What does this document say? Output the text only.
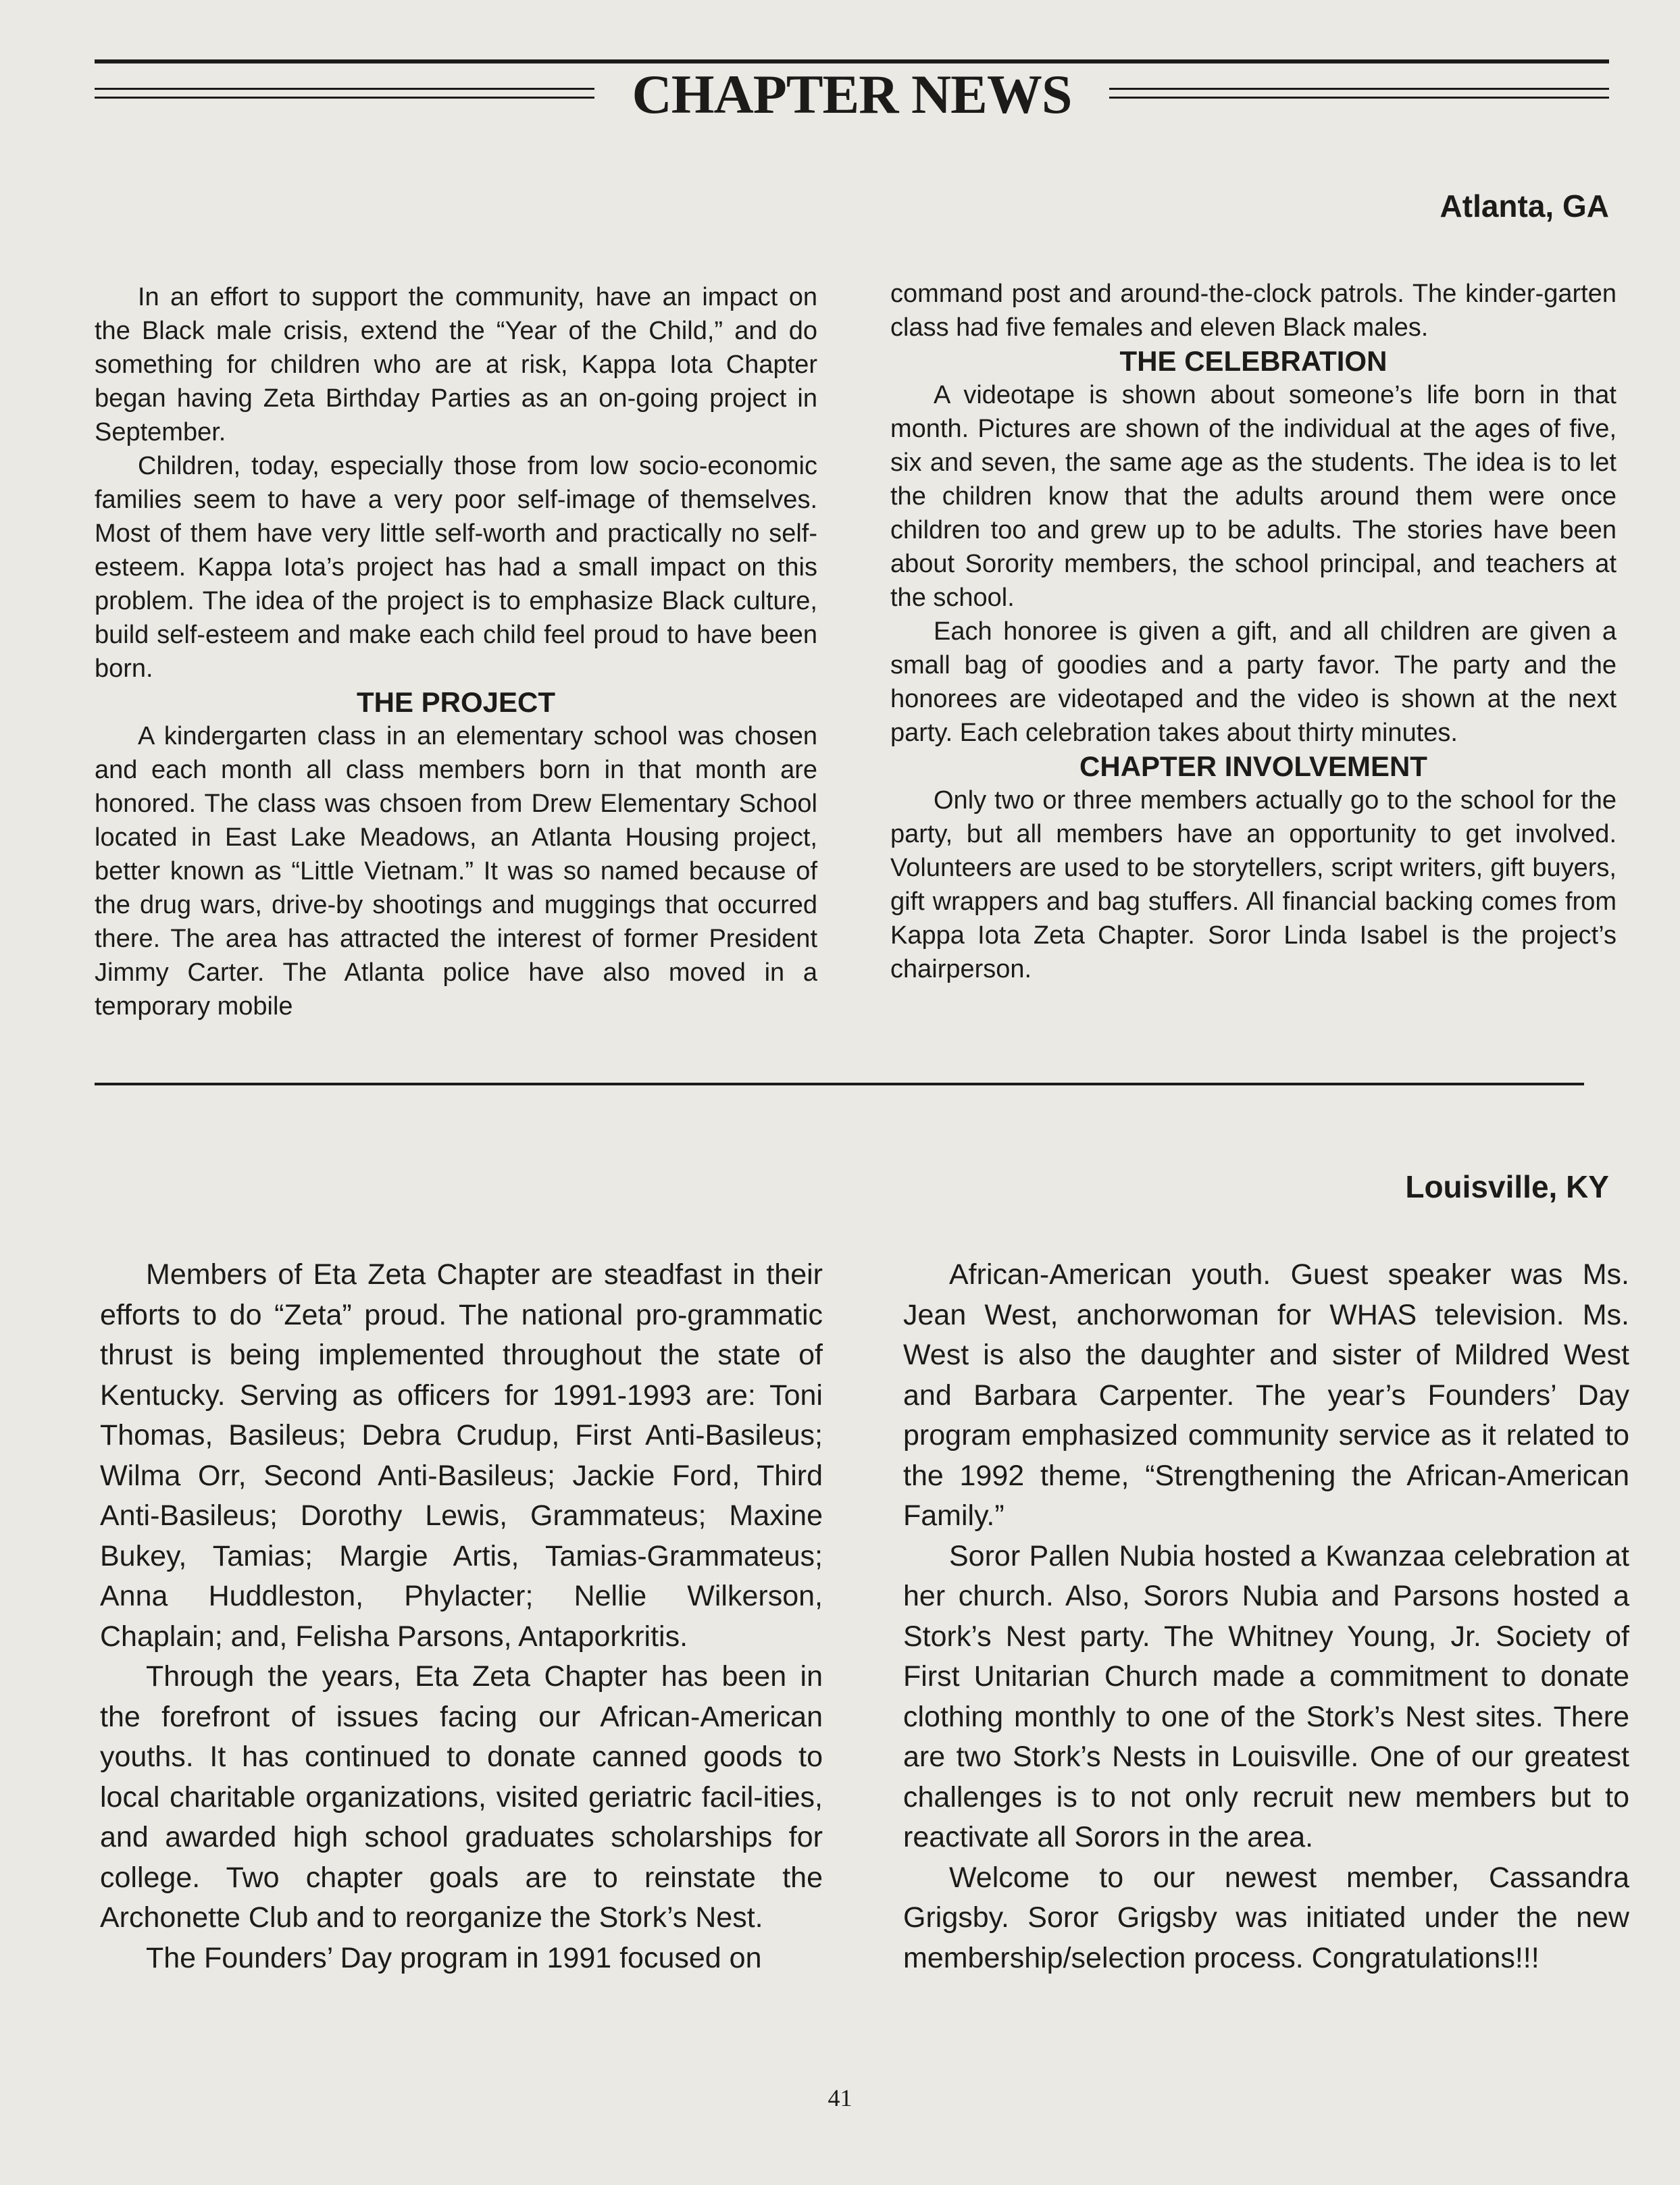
CHAPTER NEWS
Atlanta, GA

In an effort to support the community, have an impact on the Black male crisis, extend the “Year of the Child,” and do something for children who are at risk, Kappa Iota Chapter began having Zeta Birthday Parties as an on-going project in September.

Children, today, especially those from low socio-economic families seem to have a very poor self-image of themselves. Most of them have very little self-worth and practically no self-esteem. Kappa Iota’s project has had a small impact on this problem. The idea of the project is to emphasize Black culture, build self-esteem and make each child feel proud to have been born.

THE PROJECT

A kindergarten class in an elementary school was chosen and each month all class members born in that month are honored. The class was chsoen from Drew Elementary School located in East Lake Meadows, an Atlanta Housing project, better known as “Little Vietnam.” It was so named because of the drug wars, drive-by shootings and muggings that occurred there. The area has attracted the interest of former President Jimmy Carter. The Atlanta police have also moved in a temporary mobile

command post and around-the-clock patrols. The kinder-garten class had five females and eleven Black males.

THE CELEBRATION

A videotape is shown about someone’s life born in that month. Pictures are shown of the individual at the ages of five, six and seven, the same age as the students. The idea is to let the children know that the adults around them were once children too and grew up to be adults. The stories have been about Sorority members, the school principal, and teachers at the school.

Each honoree is given a gift, and all children are given a small bag of goodies and a party favor. The party and the honorees are videotaped and the video is shown at the next party. Each celebration takes about thirty minutes.

CHAPTER INVOLVEMENT

Only two or three members actually go to the school for the party, but all members have an opportunity to get involved. Volunteers are used to be storytellers, script writers, gift buyers, gift wrappers and bag stuffers. All financial backing comes from Kappa Iota Zeta Chapter. Soror Linda Isabel is the project’s chairperson.

Louisville, KY

Members of Eta Zeta Chapter are steadfast in their efforts to do “Zeta” proud. The national pro-grammatic thrust is being implemented throughout the state of Kentucky. Serving as officers for 1991-1993 are: Toni Thomas, Basileus; Debra Crudup, First Anti-Basileus; Wilma Orr, Second Anti-Basileus; Jackie Ford, Third Anti-Basileus; Dorothy Lewis, Grammateus; Maxine Bukey, Tamias; Margie Artis, Tamias-Grammateus; Anna Huddleston, Phylacter; Nellie Wilkerson, Chaplain; and, Felisha Parsons, Antaporkritis.

Through the years, Eta Zeta Chapter has been in the forefront of issues facing our African-American youths. It has continued to donate canned goods to local charitable organizations, visited geriatric facil-ities, and awarded high school graduates scholarships for college. Two chapter goals are to reinstate the Archonette Club and to reorganize the Stork’s Nest.

The Founders’ Day program in 1991 focused on

African-American youth. Guest speaker was Ms. Jean West, anchorwoman for WHAS television. Ms. West is also the daughter and sister of Mildred West and Barbara Carpenter. The year’s Founders’ Day program emphasized community service as it related to the 1992 theme, “Strengthening the African-American Family.”

Soror Pallen Nubia hosted a Kwanzaa celebration at her church. Also, Sorors Nubia and Parsons hosted a Stork’s Nest party. The Whitney Young, Jr. Society of First Unitarian Church made a commitment to donate clothing monthly to one of the Stork’s Nest sites. There are two Stork’s Nests in Louisville. One of our greatest challenges is to not only recruit new members but to reactivate all Sorors in the area.

Welcome to our newest member, Cassandra Grigsby. Soror Grigsby was initiated under the new membership/selection process. Congratulations!!!

41
